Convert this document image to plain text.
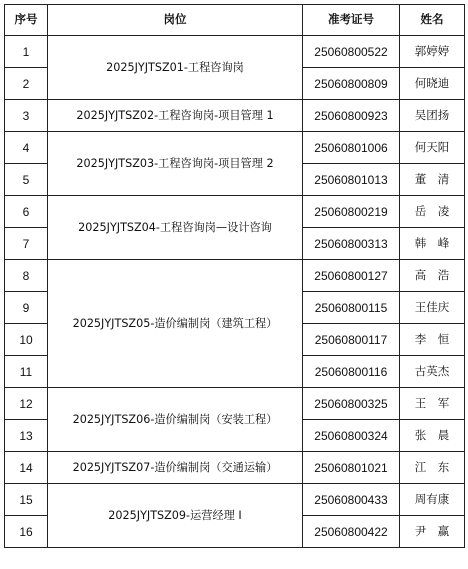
序号	岗位	准考证号	姓名
1	2025JYJTSZ01-工程咨询岗	25060800522	郭婷婷
2		25060800809	何晓迪
3	2025JYJTSZ02-工程咨询岗-项目管理 1	25060800923	吴团扬
4	2025JYJTSZ03-工程咨询岗-项目管理 2	25060801006	何天阳
5		25060801013	董　清
6	2025JYJTSZ04-工程咨询岗—设计咨询	25060800219	岳　凌
7		25060800313	韩　峰
8	2025JYJTSZ05-造价编制岗（建筑工程）	25060800127	高　浩
9		25060800115	王佳庆
10		25060800117	李　恒
11		25060800116	古英杰
12	2025JYJTSZ06-造价编制岗（安装工程）	25060800325	王　军
13		25060800324	张　晨
14	2025JYJTSZ07-造价编制岗（交通运输）	25060801021	江　东
15	2025JYJTSZ09-运营经理 I	25060800433	周有康
16		25060800422	尹　赢
